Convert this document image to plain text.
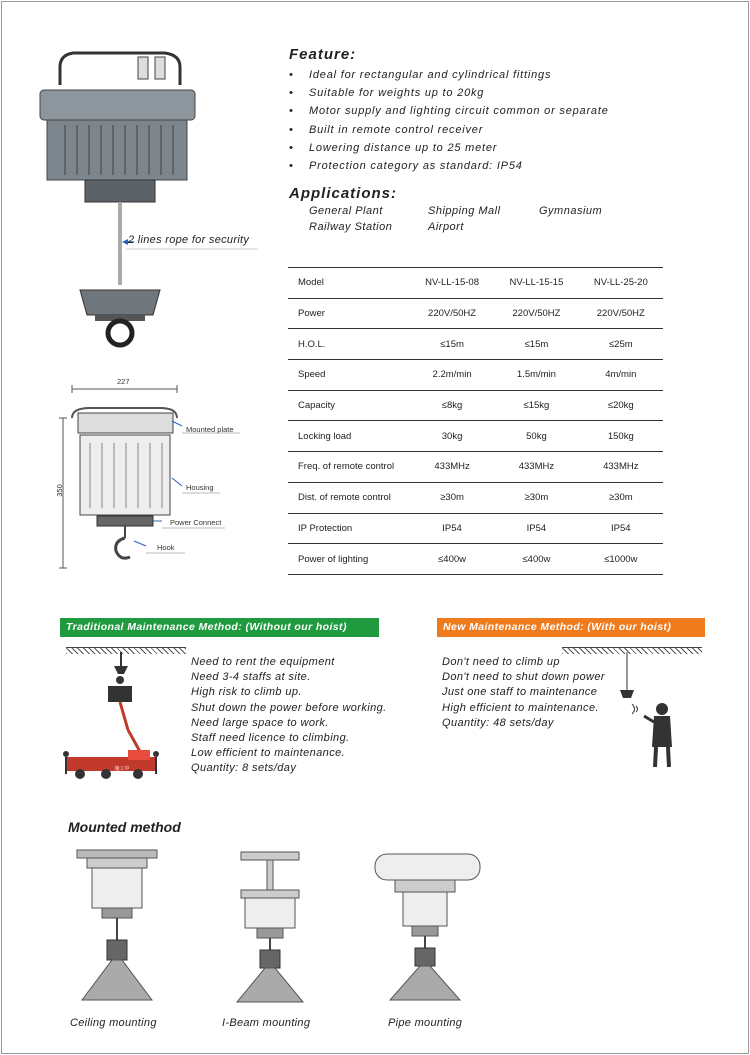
2 lines rope for security
227
350
Mounted plate
Housing
Power Connect
Hook
Feature:
• Ideal for rectangular and cylindrical fittings
• Suitable for weights up to 20kg
• Motor supply and lighting circuit common or separate
• Built in remote control receiver
• Lowering distance up to 25 meter
• Protection category as standard: IP54
Applications:
General Plant	Shipping Mall	Gymnasium
Railway Station	Airport
Model	NV-LL-15-08	NV-LL-15-15	NV-LL-25-20
Power	220V/50HZ	220V/50HZ	220V/50HZ
H.O.L.	≤15m	≤15m	≤25m
Speed	2.2m/min	1.5m/min	4m/min
Capacity	≤8kg	≤15kg	≤20kg
Locking load	30kg	50kg	150kg
Freq. of remote control	433MHz	433MHz	433MHz
Dist. of remote control	≥30m	≥30m	≥30m
IP Protection	IP54	IP54	IP54
Power of lighting	≤400w	≤400w	≤1000w
Traditional Maintenance Method: (Without our hoist)
施工中
Need to rent the equipment
Need 3-4 staffs at site.
High risk to climb up.
Shut down the power before working.
Need large space to work.
Staff need licence to climbing.
Low efficient to maintenance.
Quantity: 8 sets/day
New Maintenance Method: (With our hoist)
Don't need to climb up
Don't need to shut down power
Just one staff to maintenance
High efficient to maintenance.
Quantity: 48 sets/day
Mounted method
Ceiling mounting	I-Beam mounting	Pipe mounting
